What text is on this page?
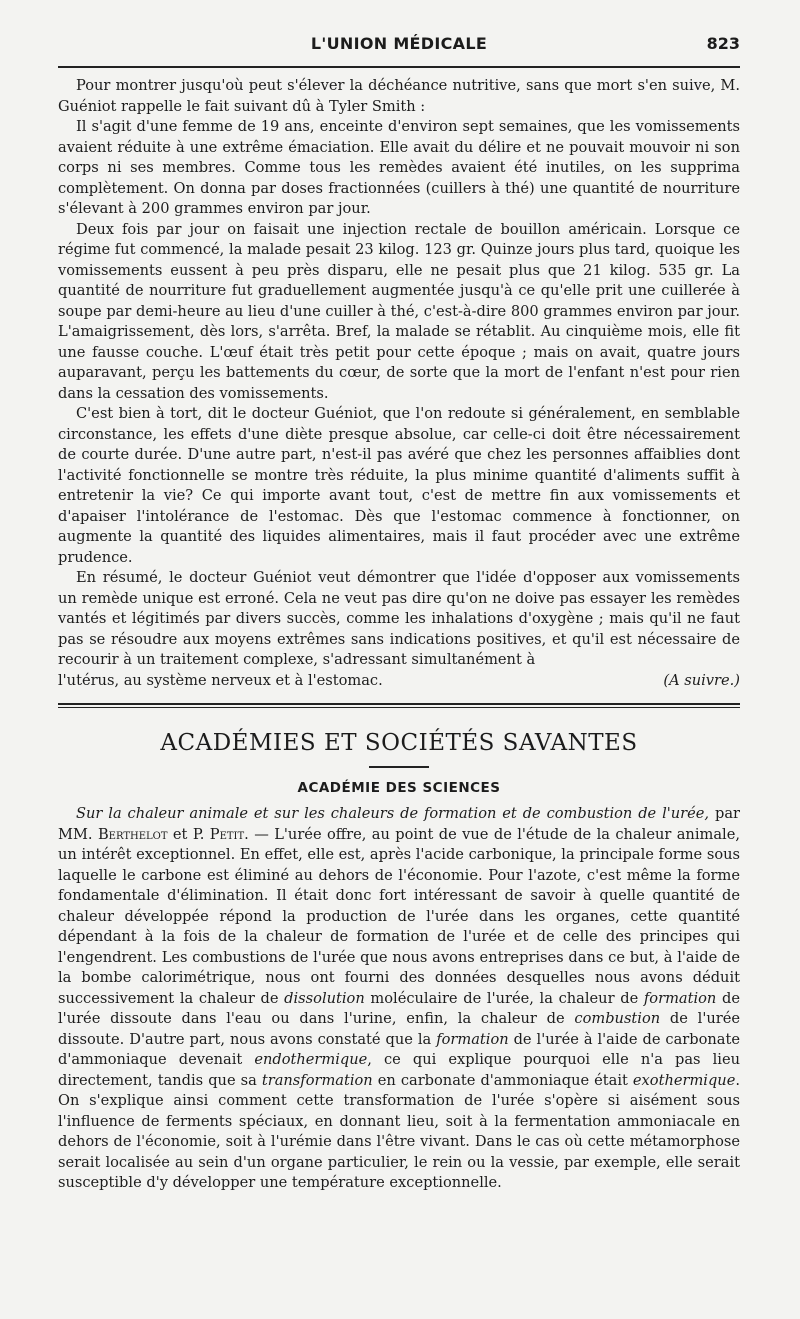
L'UNION MÉDICALE	823

Pour montrer jusqu'où peut s'élever la déchéance nutritive, sans que mort s'en suive, M. Guéniot rappelle le fait suivant dû à Tyler Smith :

Il s'agit d'une femme de 19 ans, enceinte d'environ sept semaines, que les vomissements avaient réduite à une extrême émaciation. Elle avait du délire et ne pouvait mouvoir ni son corps ni ses membres. Comme tous les remèdes avaient été inutiles, on les supprima complètement. On donna par doses fractionnées (cuillers à thé) une quantité de nourriture s'élevant à 200 grammes environ par jour.

Deux fois par jour on faisait une injection rectale de bouillon américain. Lorsque ce régime fut commencé, la malade pesait 23 kilog. 123 gr. Quinze jours plus tard, quoique les vomissements eussent à peu près disparu, elle ne pesait plus que 21 kilog. 535 gr. La quantité de nourriture fut graduellement augmentée jusqu'à ce qu'elle prit une cuillerée à soupe par demi-heure au lieu d'une cuiller à thé, c'est-à-dire 800 grammes environ par jour. L'amaigrissement, dès lors, s'arrêta. Bref, la malade se rétablit. Au cinquième mois, elle fit une fausse couche. L'œuf était très petit pour cette époque ; mais on avait, quatre jours auparavant, perçu les battements du cœur, de sorte que la mort de l'enfant n'est pour rien dans la cessation des vomissements.

C'est bien à tort, dit le docteur Guéniot, que l'on redoute si généralement, en semblable circonstance, les effets d'une diète presque absolue, car celle-ci doit être nécessairement de courte durée. D'une autre part, n'est-il pas avéré que chez les personnes affaiblies dont l'activité fonctionnelle se montre très réduite, la plus minime quantité d'aliments suffit à entretenir la vie? Ce qui importe avant tout, c'est de mettre fin aux vomissements et d'apaiser l'intolérance de l'estomac. Dès que l'estomac commence à fonctionner, on augmente la quantité des liquides alimentaires, mais il faut procéder avec une extrême prudence.

En résumé, le docteur Guéniot veut démontrer que l'idée d'opposer aux vomissements un remède unique est erroné. Cela ne veut pas dire qu'on ne doive pas essayer les remèdes vantés et légitimés par divers succès, comme les inhalations d'oxygène ; mais qu'il ne faut pas se résoudre aux moyens extrêmes sans indications positives, et qu'il est nécessaire de recourir à un traitement complexe, s'adressant simultanément à

l'utérus, au système nerveux et à l'estomac.	(A suivre.)
ACADÉMIES ET SOCIÉTÉS SAVANTES
ACADÉMIE DES SCIENCES

Sur la chaleur animale et sur les chaleurs de formation et de combustion de l'urée, par MM. Berthelot et P. Petit. — L'urée offre, au point de vue de l'étude de la chaleur animale, un intérêt exceptionnel. En effet, elle est, après l'acide carbonique, la principale forme sous laquelle le carbone est éliminé au dehors de l'économie. Pour l'azote, c'est même la forme fondamentale d'élimination. Il était donc fort intéressant de savoir à quelle quantité de chaleur développée répond la production de l'urée dans les organes, cette quantité dépendant à la fois de la chaleur de formation de l'urée et de celle des principes qui l'engendrent. Les combustions de l'urée que nous avons entreprises dans ce but, à l'aide de la bombe calorimétrique, nous ont fourni des données desquelles nous avons déduit successivement la chaleur de dissolution moléculaire de l'urée, la chaleur de formation de l'urée dissoute dans l'eau ou dans l'urine, enfin, la chaleur de combustion de l'urée dissoute. D'autre part, nous avons constaté que la formation de l'urée à l'aide de carbonate d'ammoniaque devenait endothermique, ce qui explique pourquoi elle n'a pas lieu directement, tandis que sa transformation en carbonate d'ammoniaque était exothermique. On s'explique ainsi comment cette transformation de l'urée s'opère si aisément sous l'influence de ferments spéciaux, en donnant lieu, soit à la fermentation ammoniacale en dehors de l'économie, soit à l'urémie dans l'être vivant. Dans le cas où cette métamorphose serait localisée au sein d'un organe particulier, le rein ou la vessie, par exemple, elle serait susceptible d'y développer une température exceptionnelle.
